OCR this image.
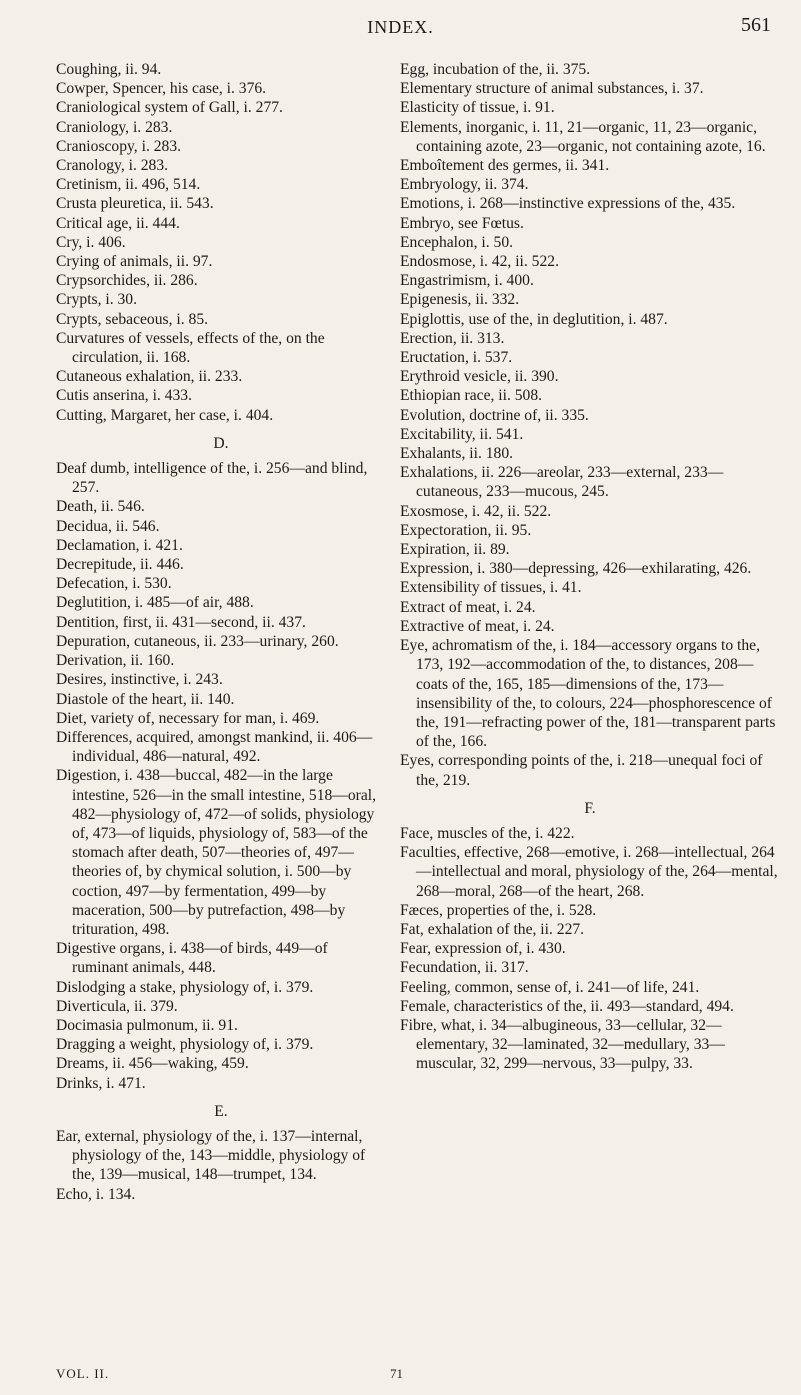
INDEX.	561
Coughing, ii. 94.
Cowper, Spencer, his case, i. 376.
Craniological system of Gall, i. 277.
Craniology, i. 283.
Cranioscopy, i. 283.
Cranology, i. 283.
Cretinism, ii. 496, 514.
Crusta pleuretica, ii. 543.
Critical age, ii. 444.
Cry, i. 406.
Crying of animals, ii. 97.
Crypsorchides, ii. 286.
Crypts, i. 30.
Crypts, sebaceous, i. 85.
Curvatures of vessels, effects of the, on the circulation, ii. 168.
Cutaneous exhalation, ii. 233.
Cutis anserina, i. 433.
Cutting, Margaret, her case, i. 404.
D.
Deaf dumb, intelligence of the, i. 256—and blind, 257.
Death, ii. 546.
Decidua, ii. 546.
Declamation, i. 421.
Decrepitude, ii. 446.
Defecation, i. 530.
Deglutition, i. 485—of air, 488.
Dentition, first, ii. 431—second, ii. 437.
Depuration, cutaneous, ii. 233—urinary, 260.
Derivation, ii. 160.
Desires, instinctive, i. 243.
Diastole of the heart, ii. 140.
Diet, variety of, necessary for man, i. 469.
Differences, acquired, amongst mankind, ii. 406—individual, 486—natural, 492.
Digestion, i. 438—buccal, 482—in the large intestine, 526—in the small intestine, 518—oral, 482—physiology of, 472—of solids, physiology of, 473—of liquids, physiology of, 583—of the stomach after death, 507—theories of, 497—theories of, by chymical solution, i. 500—by coction, 497—by fermentation, 499—by maceration, 500—by putrefaction, 498—by trituration, 498.
Digestive organs, i. 438—of birds, 449—of ruminant animals, 448.
Dislodging a stake, physiology of, i. 379.
Diverticula, ii. 379.
Docimasia pulmonum, ii. 91.
Dragging a weight, physiology of, i. 379.
Dreams, ii. 456—waking, 459.
Drinks, i. 471.
E.
Ear, external, physiology of the, i. 137—internal, physiology of the, 143—middle, physiology of the, 139—musical, 148—trumpet, 134.
Echo, i. 134.
Egg, incubation of the, ii. 375.
Elementary structure of animal substances, i. 37.
Elasticity of tissue, i. 91.
Elements, inorganic, i. 11, 21—organic, 11, 23—organic, containing azote, 23—organic, not containing azote, 16.
Emboîtement des germes, ii. 341.
Embryology, ii. 374.
Emotions, i. 268—instinctive expressions of the, 435.
Embryo, see Fœtus.
Encephalon, i. 50.
Endosmose, i. 42, ii. 522.
Engastrimism, i. 400.
Epigenesis, ii. 332.
Epiglottis, use of the, in deglutition, i. 487.
Erection, ii. 313.
Eructation, i. 537.
Erythroid vesicle, ii. 390.
Ethiopian race, ii. 508.
Evolution, doctrine of, ii. 335.
Excitability, ii. 541.
Exhalants, ii. 180.
Exhalations, ii. 226—areolar, 233—external, 233—cutaneous, 233—mucous, 245.
Exosmose, i. 42, ii. 522.
Expectoration, ii. 95.
Expiration, ii. 89.
Expression, i. 380—depressing, 426—exhilarating, 426.
Extensibility of tissues, i. 41.
Extract of meat, i. 24.
Extractive of meat, i. 24.
Eye, achromatism of the, i. 184—accessory organs to the, 173, 192—accommodation of the, to distances, 208—coats of the, 165, 185—dimensions of the, 173—insensibility of the, to colours, 224—phosphorescence of the, 191—refracting power of the, 181—transparent parts of the, 166.
Eyes, corresponding points of the, i. 218—unequal foci of the, 219.
F.
Face, muscles of the, i. 422.
Faculties, effective, 268—emotive, i. 268—intellectual, 264—intellectual and moral, physiology of the, 264—mental, 268—moral, 268—of the heart, 268.
Fæces, properties of the, i. 528.
Fat, exhalation of the, ii. 227.
Fear, expression of, i. 430.
Fecundation, ii. 317.
Feeling, common, sense of, i. 241—of life, 241.
Female, characteristics of the, ii. 493—standard, 494.
Fibre, what, i. 34—albugineous, 33—cellular, 32—elementary, 32—laminated, 32—medullary, 33—muscular, 32, 299—nervous, 33—pulpy, 33.
VOL. II.	71
